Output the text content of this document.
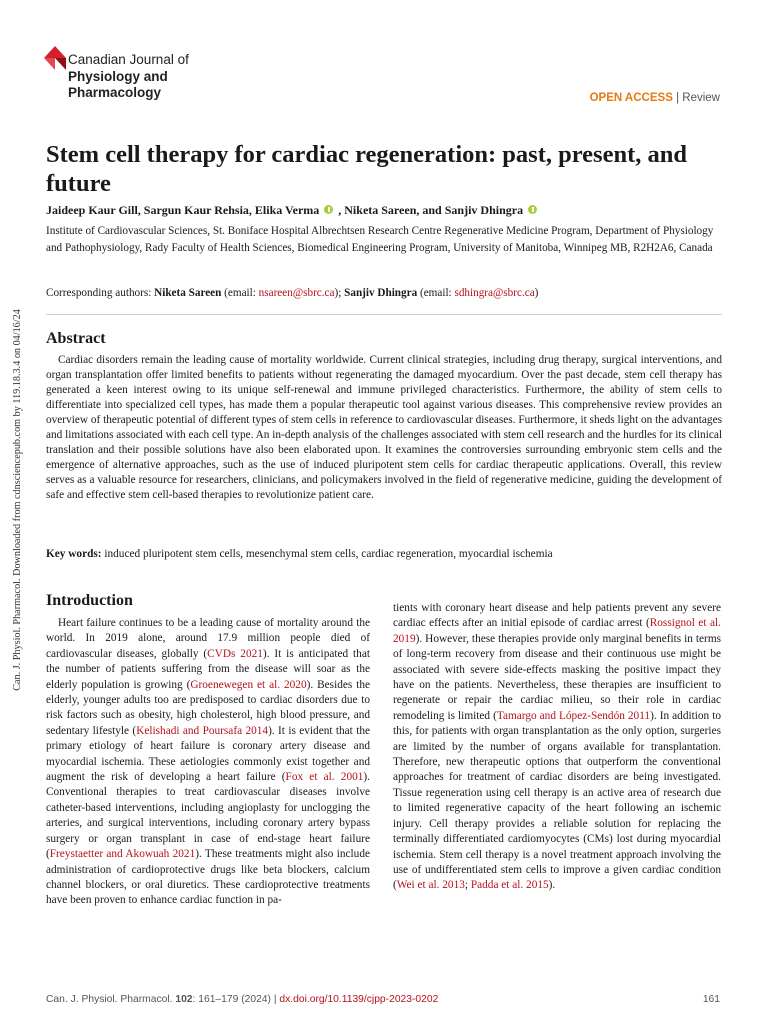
Canadian Journal of
Physiology and
Pharmacology	OPEN ACCESS | Review
Stem cell therapy for cardiac regeneration: past, present, and future
Jaideep Kaur Gill, Sargun Kaur Rehsia, Elika Verma , Niketa Sareen, and Sanjiv Dhingra
Institute of Cardiovascular Sciences, St. Boniface Hospital Albrechtsen Research Centre Regenerative Medicine Program, Department of Physiology and Pathophysiology, Rady Faculty of Health Sciences, Biomedical Engineering Program, University of Manitoba, Winnipeg MB, R2H2A6, Canada
Corresponding authors: Niketa Sareen (email: nsareen@sbrc.ca); Sanjiv Dhingra (email: sdhingra@sbrc.ca)
Abstract
Cardiac disorders remain the leading cause of mortality worldwide. Current clinical strategies, including drug therapy, surgical interventions, and organ transplantation offer limited benefits to patients without regenerating the damaged myocardium. Over the past decade, stem cell therapy has generated a keen interest owing to its unique self-renewal and immune privileged characteristics. Furthermore, the ability of stem cells to differentiate into specialized cell types, has made them a popular therapeutic tool against various diseases. This comprehensive review provides an overview of therapeutic potential of different types of stem cells in reference to cardiovascular diseases. Furthermore, it sheds light on the advantages and limitations associated with each cell type. An in-depth analysis of the challenges associated with stem cell research and the hurdles for its clinical translation and their possible solutions have also been elaborated upon. It examines the controversies surrounding embryonic stem cells and the emergence of alternative approaches, such as the use of induced pluripotent stem cells for cardiac therapeutic applications. Overall, this review serves as a valuable resource for researchers, clinicians, and policymakers involved in the field of regenerative medicine, guiding the development of safe and effective stem cell-based therapies to revolutionize patient care.
Key words: induced pluripotent stem cells, mesenchymal stem cells, cardiac regeneration, myocardial ischemia
Introduction
Heart failure continues to be a leading cause of mortality around the world. In 2019 alone, around 17.9 million people died of cardiovascular diseases, globally (CVDs 2021). It is anticipated that the number of patients suffering from the disease will soar as the elderly population is growing (Groenewegen et al. 2020). Besides the elderly, younger adults too are predisposed to cardiac disorders due to risk factors such as obesity, high cholesterol, high blood pressure, and sedentary lifestyle (Kelishadi and Poursafa 2014). It is evident that the primary etiology of heart failure is coronary artery disease and myocardial ischemia. These aetiologies commonly exist together and augment the risk of developing a heart failure (Fox et al. 2001). Conventional therapies to treat cardiovascular diseases involve catheter-based interventions, including angioplasty for unclogging the arteries, and surgical interventions, including coronary artery bypass surgery or organ transplant in case of end-stage heart failure (Freystaetter and Akowuah 2021). These treatments might also include administration of cardioprotective drugs like beta blockers, calcium channel blockers, or oral diuretics. These cardioprotective treatments have been proven to enhance cardiac function in pa-
tients with coronary heart disease and help patients prevent any severe cardiac effects after an initial episode of cardiac arrest (Rossignol et al. 2019). However, these therapies provide only marginal benefits in terms of long-term recovery from disease and their continuous use might be associated with severe side-effects masking the positive impact they have on the patients. Nevertheless, these therapies are insufficient to regenerate or repair the cardiac milieu, so their role in cardiac remodeling is limited (Tamargo and López-Sendón 2011). In addition to this, for patients with organ transplantation as the only option, surgeries are limited by the number of organs available for transplantation. Therefore, new therapeutic options that outperform the conventional approaches for treatment of cardiac disorders are being investigated. Tissue regeneration using cell therapy is an active area of research due to limited regenerative capacity of the heart following an ischemic injury. Cell therapy provides a reliable solution for replacing the terminally differentiated cardiomyocytes (CMs) lost during myocardial ischemia. Stem cell therapy is a novel treatment approach involving the use of undifferentiated stem cells to improve a given cardiac condition (Wei et al. 2013; Padda et al. 2015).
Can. J. Physiol. Pharmacol. Downloaded from cdnsciencepub.com by 119.18.3.4 on 04/16/24
Can. J. Physiol. Pharmacol. 102: 161–179 (2024) | dx.doi.org/10.1139/cjpp-2023-0202	161
